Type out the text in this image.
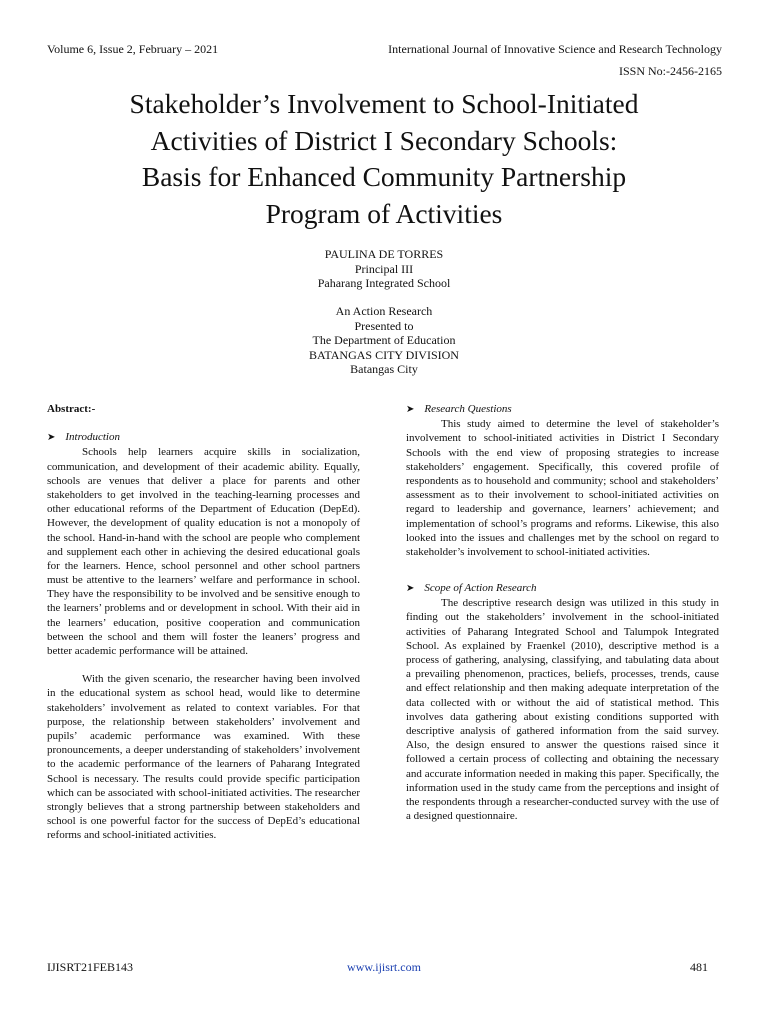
Volume 6, Issue 2, February – 2021	International Journal of Innovative Science and Research Technology
ISSN No:-2456-2165
Stakeholder’s Involvement to School-Initiated
Activities of District I Secondary Schools:
Basis for Enhanced Community Partnership
Program of Activities
PAULINA DE TORRES
Principal III
Paharang Integrated School
An Action Research
Presented to
The Department of Education
BATANGAS CITY DIVISION
Batangas City

Abstract:-

➤ Introduction

Schools help learners acquire skills in socialization, communication, and development of their academic ability. Equally, schools are venues that deliver a place for parents and other stakeholders to get involved in the teaching-learning processes and other educational reforms of the Department of Education (DepEd). However, the development of quality education is not a monopoly of the school. Hand-in-hand with the school are people who complement and supplement each other in achieving the desired educational goals for the learners. Hence, school personnel and other school partners must be attentive to the learners’ welfare and performance in school. They have the responsibility to be involved and be sensitive enough to the learners’ problems and or development in school. With their aid in the learners’ education, positive cooperation and communication between the school and them will foster the leaners’ progress and better academic performance will be attained.

With the given scenario, the researcher having been involved in the educational system as school head, would like to determine stakeholders’ involvement as related to context variables. For that purpose, the relationship between stakeholders’ involvement and pupils’ academic performance was examined. With these pronouncements, a deeper understanding of stakeholders’ involvement to the academic performance of the learners of Paharang Integrated School is necessary. The results could provide specific participation which can be associated with school-initiated activities. The researcher strongly believes that a strong partnership between stakeholders and school is one powerful factor for the success of DepEd’s educational reforms and school-initiated activities.

➤ Research Questions

This study aimed to determine the level of stakeholder’s involvement to school-initiated activities in District I Secondary Schools with the end view of proposing strategies to increase stakeholders’ engagement. Specifically, this covered profile of respondents as to household and community; school and stakeholders’ assessment as to their involvement to school-initiated activities on regard to leadership and governance, learners’ achievement; and implementation of school’s programs and reforms. Likewise, this also looked into the issues and challenges met by the school on regard to stakeholder’s involvement to school-initiated activities.

➤ Scope of Action Research

The descriptive research design was utilized in this study in finding out the stakeholders’ involvement in the school-initiated activities of Paharang Integrated School and Talumpok Integrated School. As explained by Fraenkel (2010), descriptive method is a process of gathering, analysing, classifying, and tabulating data about a prevailing phenomenon, practices, beliefs, processes, trends, cause and effect relationship and then making adequate interpretation of the data collected with or without the aid of statistical method. This involves data gathering about existing conditions supported with descriptive analysis of gathered information from the said survey. Also, the design ensured to answer the questions raised since it followed a certain process of collecting and obtaining the necessary and accurate information needed in making this paper. Specifically, the information used in the study came from the perceptions and insight of the respondents through a researcher-conducted survey with the use of a designed questionnaire.

IJISRT21FEB143	www.ijisrt.com	481
